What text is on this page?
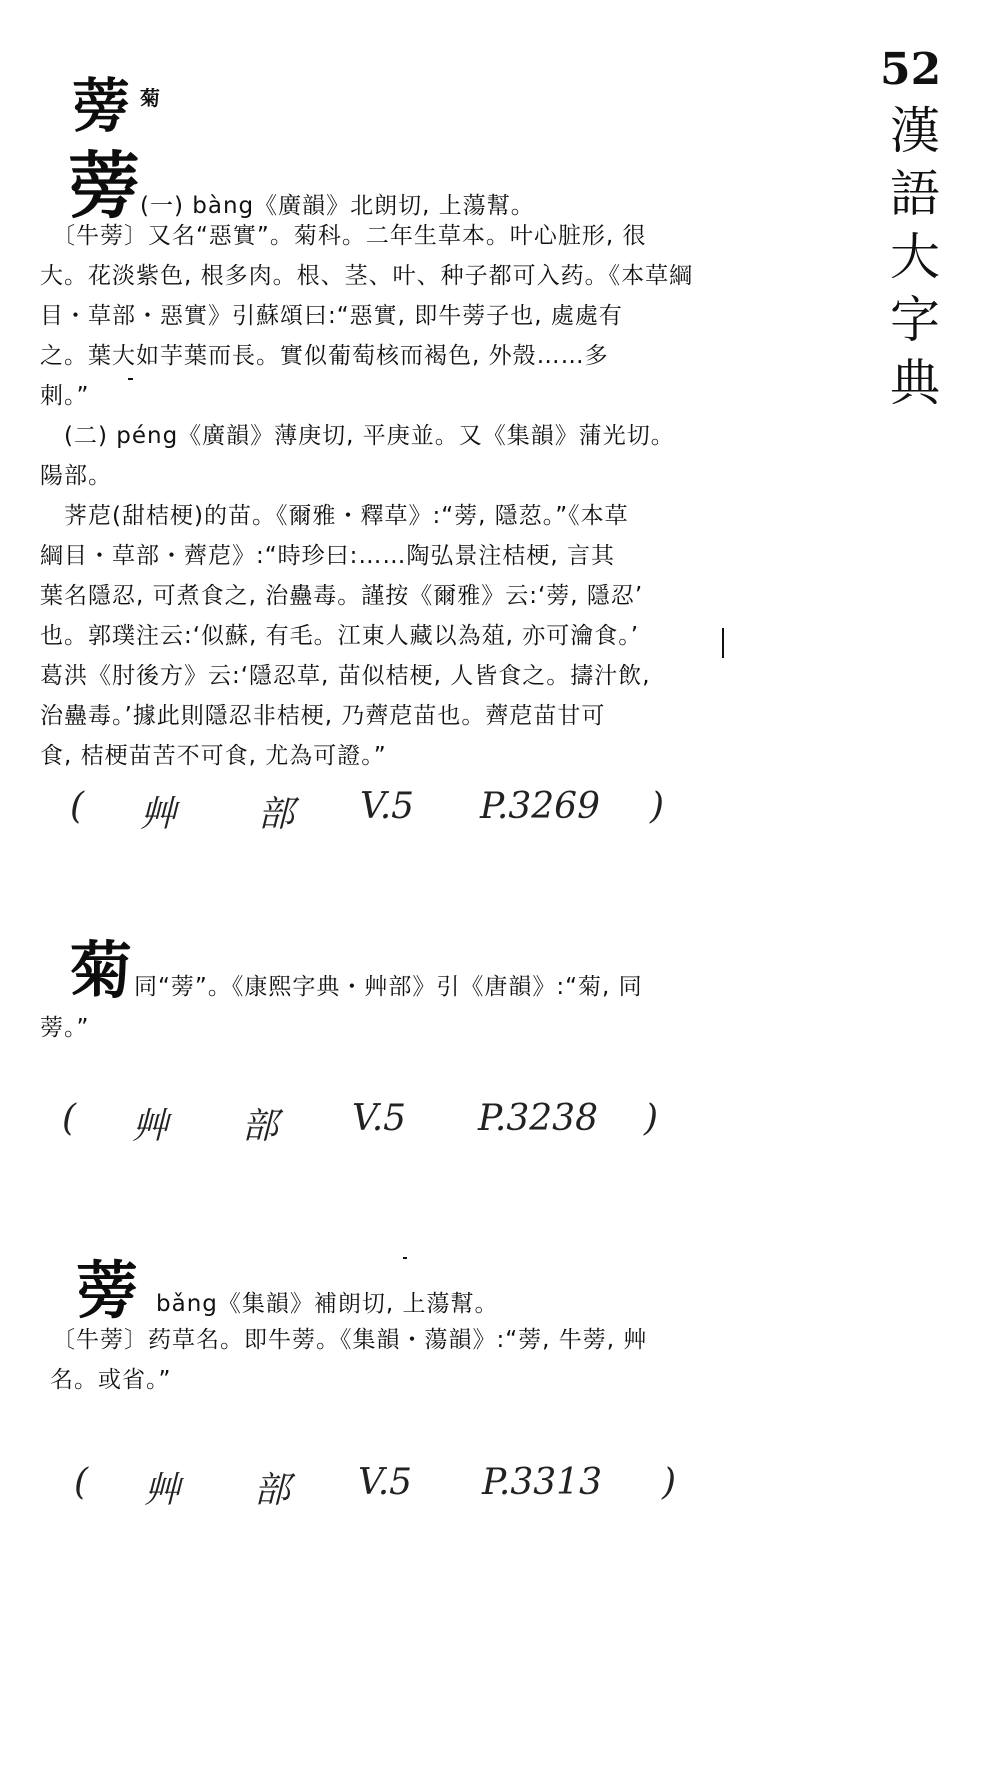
52
漢
語
大
字
典
蒡 菊
蒡 (一) bàng《廣韻》北朗切, 上蕩幫。
〔牛蒡〕又名“惡實”。菊科。二年生草本。叶心脏形, 很
大。花淡紫色, 根多肉。根、茎、叶、种子都可入药。《本草綱
目・草部・惡實》引蘇頌曰:“惡實, 即牛蒡子也, 處處有
之。葉大如芋葉而長。實似葡萄核而褐色, 外殼……多
刺。”
(二) péng《廣韻》薄庚切, 平庚並。又《集韻》蒲光切。
陽部。
荠苨(甜桔梗)的苗。《爾雅・釋草》:“蒡, 隱荵。”《本草
綱目・草部・薺苨》:“時珍曰:……陶弘景注桔梗, 言其
葉名隱忍, 可煮食之, 治蠱毒。謹按《爾雅》云:‘蒡, 隱忍’
也。郭璞注云:‘似蘇, 有毛。江東人藏以為葅, 亦可瀹食。’
葛洪《肘後方》云:‘隱忍草, 苗似桔梗, 人皆食之。擣汁飲,
治蠱毒。’據此則隱忍非桔梗, 乃薺苨苗也。薺苨苗甘可
食, 桔梗苗苦不可食, 尤為可證。”
( 艸 部 V.5 P.3269 )
菊 同“蒡”。《康熙字典・艸部》引《唐韻》:“菊, 同
蒡。”
( 艸 部 V.5 P.3238 )
蒡 bǎng《集韻》補朗切, 上蕩幫。
〔牛蒡〕药草名。即牛蒡。《集韻・蕩韻》:“蒡, 牛蒡, 艸
名。或省。”
( 艸 部 V.5 P.3313 )
